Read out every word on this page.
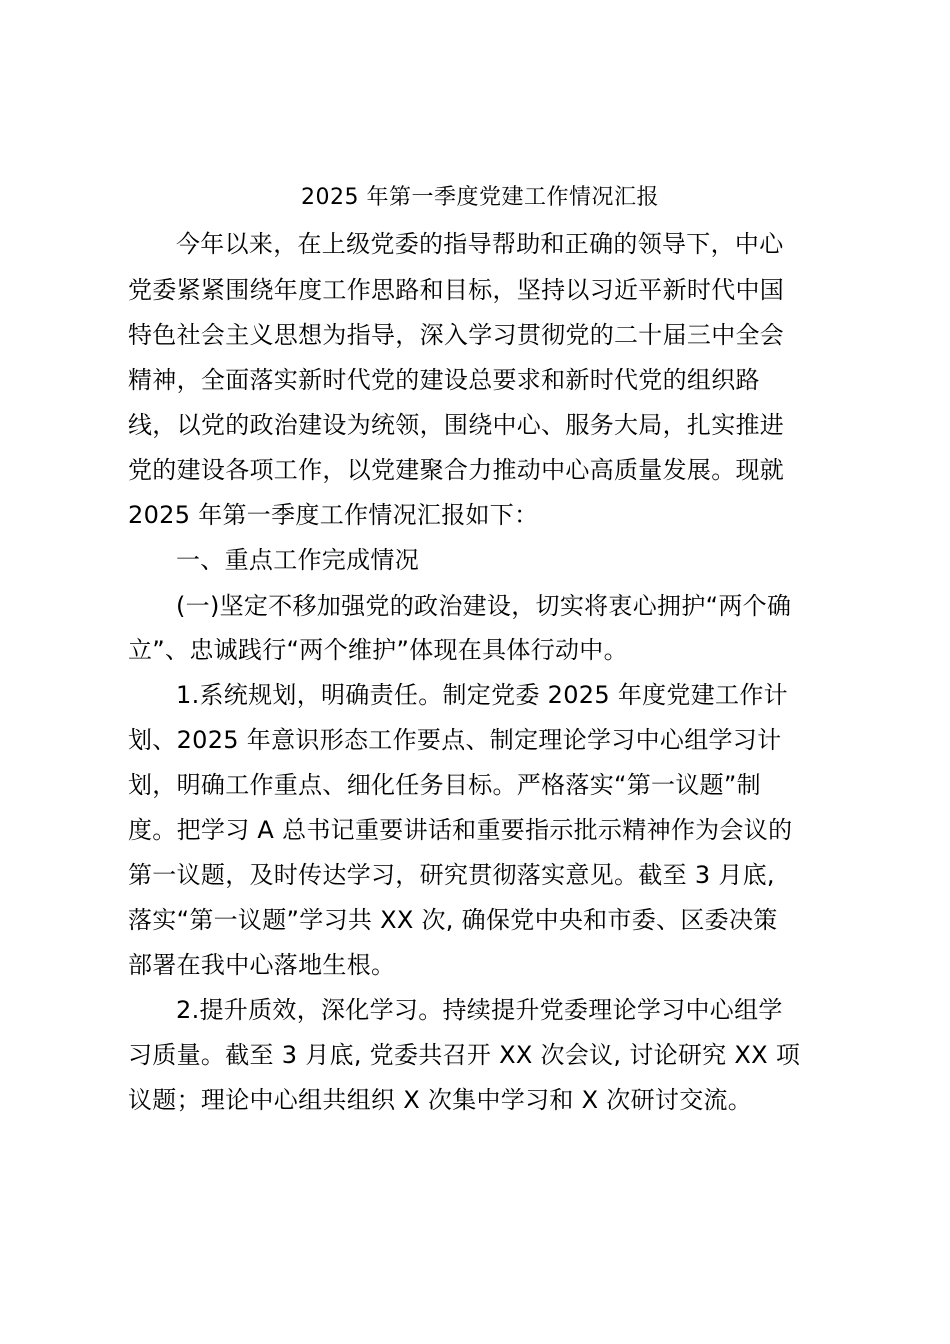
2025 年第一季度党建工作情况汇报
今年以来，在上级党委的指导帮助和正确的领导下，中心
党委紧紧围绕年度工作思路和目标，坚持以习近平新时代中国
特色社会主义思想为指导，深入学习贯彻党的二十届三中全会
精神，全面落实新时代党的建设总要求和新时代党的组织路
线，以党的政治建设为统领，围绕中心、服务大局，扎实推进
党的建设各项工作，以党建聚合力推动中心高质量发展。现就
2025 年第一季度工作情况汇报如下：
一、重点工作完成情况
(一)坚定不移加强党的政治建设，切实将衷心拥护“两个确
立”、忠诚践行“两个维护”体现在具体行动中。
1.系统规划，明确责任。制定党委 2025 年度党建工作计
划、2025 年意识形态工作要点、制定理论学习中心组学习计
划，明确工作重点、细化任务目标。严格落实“第一议题”制
度。把学习 A 总书记重要讲话和重要指示批示精神作为会议的
第一议题，及时传达学习，研究贯彻落实意见。截至 3 月底,
落实“第一议题”学习共 XX 次, 确保党中央和市委、区委决策
部署在我中心落地生根。
2.提升质效，深化学习。持续提升党委理论学习中心组学
习质量。截至 3 月底, 党委共召开 XX 次会议, 讨论研究 XX 项
议题；理论中心组共组织 X 次集中学习和 X 次研讨交流。
